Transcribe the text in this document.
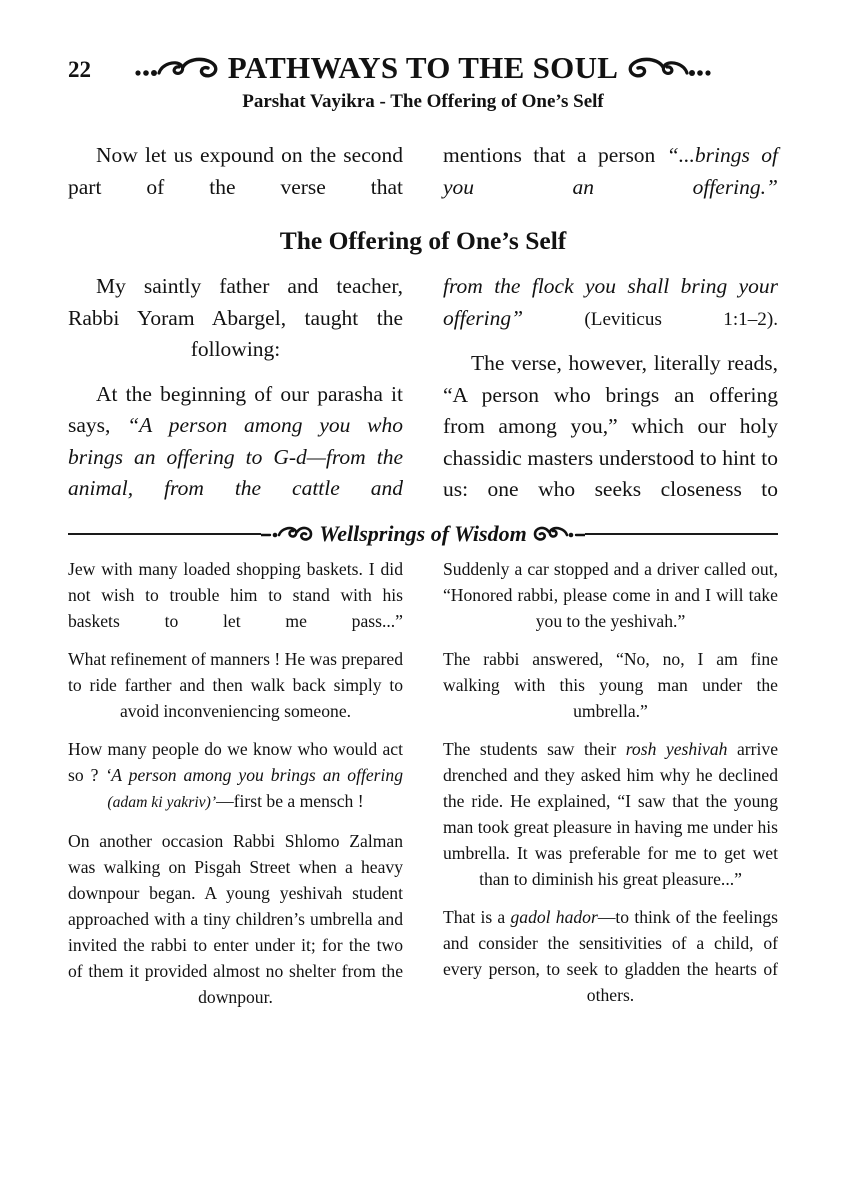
22	PATHWAYS TO THE SOUL
Parshat Vayikra - The Offering of One’s Self

Now let us expound on the second part of the verse that

mentions that a person “...brings of you an offering.”

The Offering of One’s Self

My saintly father and teacher, Rabbi Yoram Abargel, taught the following:

At the beginning of our parasha it says, “A person among you who brings an offering to G-d—from the animal, from the cattle and

from the flock you shall bring your offering” (Leviticus 1:1–2).

The verse, however, literally reads, “A person who brings an offering from among you,” which our holy chassidic masters understood to hint to us: one who seeks closeness to

Wellsprings of Wisdom

Jew with many loaded shopping baskets. I did not wish to trouble him to stand with his baskets to let me pass...”

What refinement of manners ! He was prepared to ride farther and then walk back simply to avoid inconveniencing someone.

How many people do we know who would act so ? ‘A person among you brings an offering (adam ki yakriv)’—first be a mensch !

On another occasion Rabbi Shlomo Zalman was walking on Pisgah Street when a heavy downpour began. A young yeshivah student approached with a tiny children’s umbrella and invited the rabbi to enter under it; for the two of them it provided almost no shelter from the downpour.

Suddenly a car stopped and a driver called out, “Honored rabbi, please come in and I will take you to the yeshivah.”

The rabbi answered, “No, no, I am fine walking with this young man under the umbrella.”

The students saw their rosh yeshivah arrive drenched and they asked him why he declined the ride. He explained, “I saw that the young man took great pleasure in having me under his umbrella. It was preferable for me to get wet than to diminish his great pleasure...”

That is a gadol hador—to think of the feelings and consider the sensitivities of a child, of every person, to seek to gladden the hearts of others.
